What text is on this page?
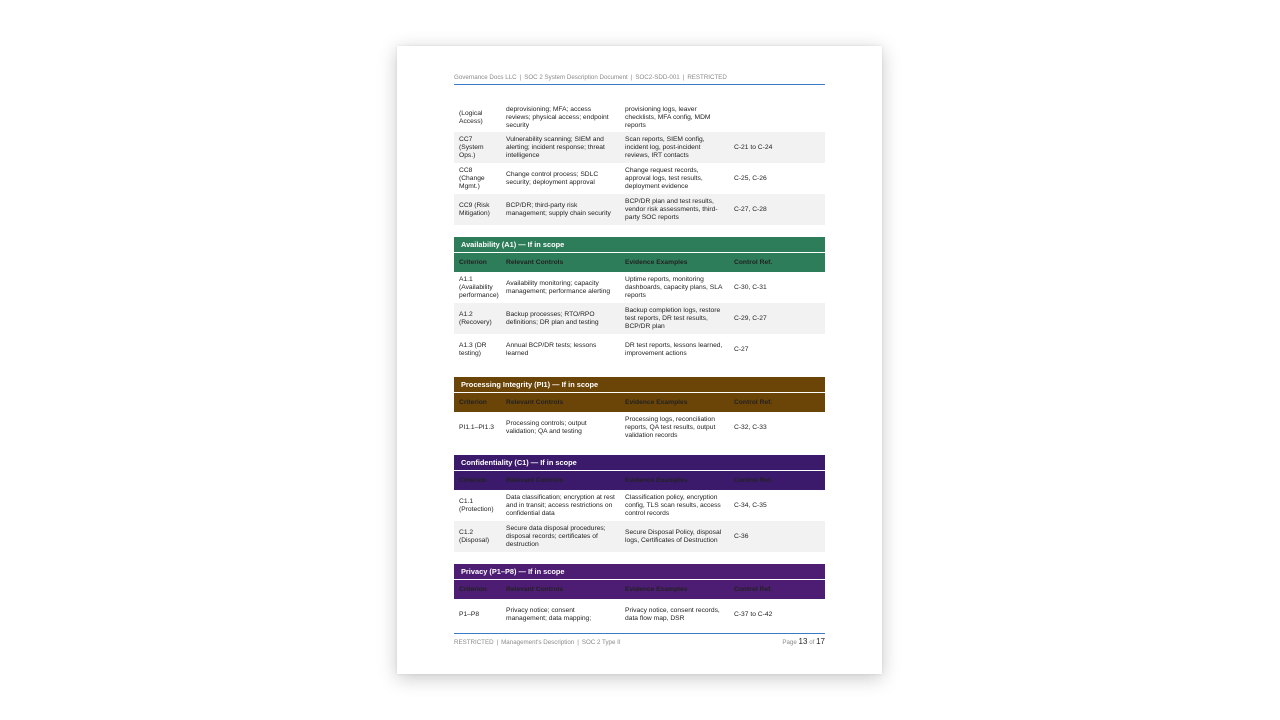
Governance Docs LLC | SOC 2 System Description Document | SOC2-SDD-001 | RESTRICTED
(Logical Access)	deprovisioning; MFA; access reviews; physical access; endpoint security	provisioning logs, leaver checklists, MFA config, MDM reports	
CC7 (System Ops.)	Vulnerability scanning; SIEM and alerting; incident response; threat intelligence	Scan reports, SIEM config, incident log, post-incident reviews, IRT contacts	C-21 to C-24
CC8 (Change Mgmt.)	Change control process; SDLC security; deployment approval	Change request records, approval logs, test results, deployment evidence	C-25, C-26
CC9 (Risk Mitigation)	BCP/DR; third-party risk management; supply chain security	BCP/DR plan and test results, vendor risk assessments, third-party SOC reports	C-27, C-28
Availability (A1) — If in scope
Criterion	Relevant Controls	Evidence Examples	Control Ref.
A1.1 (Availability performance)	Availability monitoring; capacity management; performance alerting	Uptime reports, monitoring dashboards, capacity plans, SLA reports	C-30, C-31
A1.2 (Recovery)	Backup processes; RTO/RPO definitions; DR plan and testing	Backup completion logs, restore test reports, DR test results, BCP/DR plan	C-29, C-27
A1.3 (DR testing)	Annual BCP/DR tests; lessons learned	DR test reports, lessons learned, improvement actions	C-27
Processing Integrity (PI1) — If in scope
Criterion	Relevant Controls	Evidence Examples	Control Ref.
PI1.1–PI1.3	Processing controls; output validation; QA and testing	Processing logs, reconciliation reports, QA test results, output validation records	C-32, C-33
Confidentiality (C1) — If in scope
Criterion	Relevant Controls	Evidence Examples	Control Ref.
C1.1 (Protection)	Data classification; encryption at rest and in transit; access restrictions on confidential data	Classification policy, encryption config, TLS scan results, access control records	C-34, C-35
C1.2 (Disposal)	Secure data disposal procedures; disposal records; certificates of destruction	Secure Disposal Policy, disposal logs, Certificates of Destruction	C-36
Privacy (P1–P8) — If in scope
Criterion	Relevant Controls	Evidence Examples	Control Ref.
P1–P8	Privacy notice; consent management; data mapping;	Privacy notice, consent records, data flow map, DSR	C-37 to C-42
RESTRICTED | Management's Description | SOC 2 Type II	Page 13 of 17
